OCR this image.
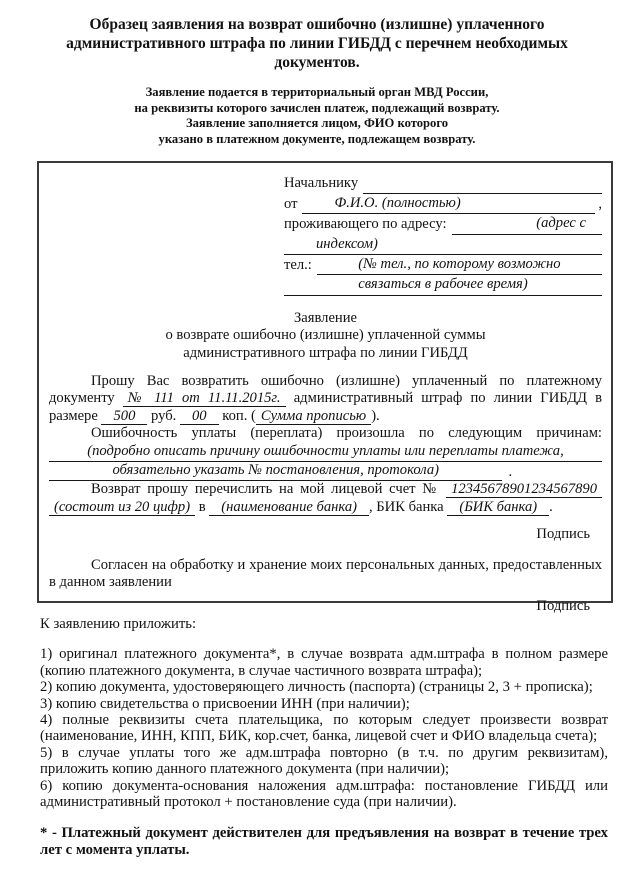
Образец заявления на возврат ошибочно (излишне) уплаченного
административного штрафа по линии ГИБДД с перечнем необходимых
документов.
Заявление подается в территориальный орган МВД России,
на реквизиты которого зачислен платеж, подлежащий возврату.
Заявление заполняется лицом, ФИО которого
указано в платежном документе, подлежащем возврату.
Начальнику
от	Ф.И.О. (полностью)	,
проживающего по адресу:	(адрес с
индексом)
тел.:	(№ тел., по которому возможно
связаться в рабочее время)
Заявление
о возврате ошибочно (излишне) уплаченной суммы
административного штрафа по линии ГИБДД

Прошу Вас возвратить ошибочно (излишне) уплаченный по платежному документу № 111 от 11.11.2015г. административный штраф по линии ГИБДД в размере 500 руб. 00 коп. ( Сумма прописью ).

Ошибочность уплаты (переплата) произошла по следующим причинам:

(подробно описать причину ошибочности уплаты или переплаты платежа,
обязательно указать № постановления, протокола)	.

Возврат прошу перечислить на мой лицевой счет № 12345678901234567890 (состоит из 20 цифр) в (наименование банка) , БИК банка (БИК банка) .

Подпись

Согласен на обработку и хранение моих персональных данных, предоставленных в данном заявлении

Подпись
К заявлению приложить:
1) оригинал платежного документа*, в случае возврата адм.штрафа в полном размере (копию платежного документа, в случае частичного возврата штрафа);
2) копию документа, удостоверяющего личность (паспорта) (страницы 2, 3 + прописка);
3) копию свидетельства о присвоении ИНН (при наличии);
4) полные реквизиты счета плательщика, по которым следует произвести возврат (наименование, ИНН, КПП, БИК, кор.счет, банка, лицевой счет и ФИО владельца счета);
5) в случае уплаты того же адм.штрафа повторно (в т.ч. по другим реквизитам), приложить копию данного платежного документа (при наличии);
6) копию документа-основания наложения адм.штрафа: постановление ГИБДД или административный протокол + постановление суда (при наличии).

* - Платежный документ действителен для предъявления на возврат в течение трех лет с момента уплаты.
